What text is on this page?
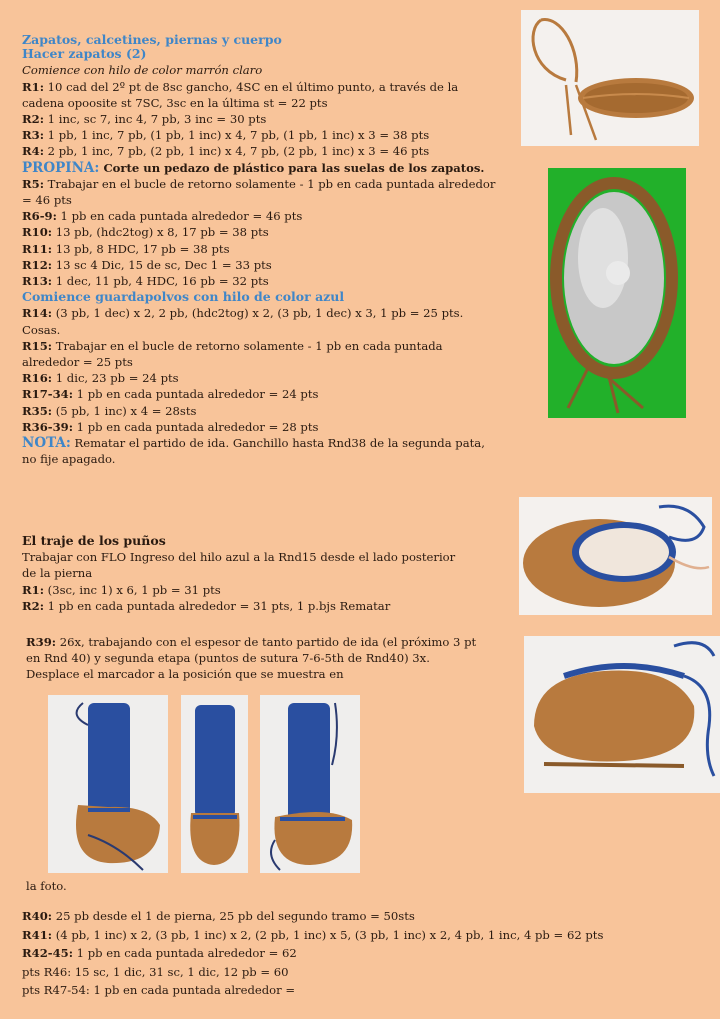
Zapatos, calcetines, piernas y cuerpo

Hacer zapatos (2)

Comience con hilo de color marrón claro

R1: 10 cad del 2º pt de 8sc gancho, 4SC en el último punto, a través de la cadena opoosite st 7SC, 3sc en la última st = 22 pts

R2: 1 inc, sc 7, inc 4, 7 pb, 3 inc = 30 pts

R3: 1 pb, 1 inc, 7 pb, (1 pb, 1 inc) x 4, 7 pb, (1 pb, 1 inc) x 3 = 38 pts

R4: 2 pb, 1 inc, 7 pb, (2 pb, 1 inc) x 4, 7 pb, (2 pb, 1 inc) x 3 = 46 pts

PROPINA: Corte un pedazo de plástico para las suelas de los zapatos.

R5: Trabajar en el bucle de retorno solamente - 1 pb en cada puntada alrededor = 46 pts

R6-9: 1 pb en cada puntada alrededor = 46 pts

R10: 13 pb, (hdc2tog) x 8, 17 pb = 38 pts

R11: 13 pb, 8 HDC, 17 pb = 38 pts

R12: 13 sc 4 Dic, 15 de sc, Dec 1 = 33 pts

R13: 1 dec, 11 pb, 4 HDC, 16 pb = 32 pts

Comience guardapolvos con hilo de color azul

R14: (3 pb, 1 dec) x 2, 2 pb, (hdc2tog) x 2, (3 pb, 1 dec) x 3, 1 pb = 25 pts. Cosas.

R15: Trabajar en el bucle de retorno solamente - 1 pb en cada puntada alrededor = 25 pts

R16: 1 dic, 23 pb = 24 pts

R17-34: 1 pb en cada puntada alrededor = 24 pts

R35: (5 pb, 1 inc) x 4 = 28sts

R36-39: 1 pb en cada puntada alrededor = 28 pts

NOTA: Rematar el partido de ida. Ganchillo hasta Rnd38 de la segunda pata, no fije apagado.

El traje de los puños

Trabajar con FLO Ingreso del hilo azul a la Rnd15 desde el lado posterior de la pierna

R1: (3sc, inc 1) x 6, 1 pb = 31 pts

R2: 1 pb en cada puntada alrededor = 31 pts, 1 p.bjs Rematar

R39: 26x, trabajando con el espesor de tanto partido de ida (el próximo 3 pt en Rnd 40) y segunda etapa (puntos de sutura 7-6-5th de Rnd40) 3x. Desplace el marcador a la posición que se muestra en

la foto.

R40: 25 pb desde el 1 de pierna, 25 pb del segundo tramo = 50sts

R41: (4 pb, 1 inc) x 2, (3 pb, 1 inc) x 2, (2 pb, 1 inc) x 5, (3 pb, 1 inc) x 2, 4 pb, 1 inc, 4 pb = 62 pts

R42-45: 1 pb en cada puntada alrededor = 62

pts R46: 15 sc, 1 dic, 31 sc, 1 dic, 12 pb = 60

pts R47-54: 1 pb en cada puntada alrededor =
